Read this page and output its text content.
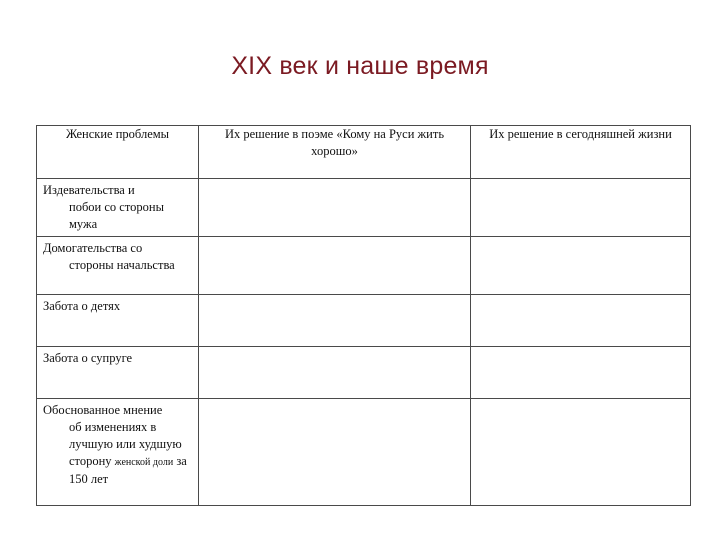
XIX век и наше время
Женские проблемы	Их решение в поэме «Кому на Руси жить хорошо»	Их решение в сегодняшней жизни

Издевательства и
побои со стороны мужа		

Домогательства со
стороны начальства		

Забота о детях		

Забота о супруге		

Обоснованное мнение
об изменениях в лучшую или худшую сторону женской доли за 150 лет		
